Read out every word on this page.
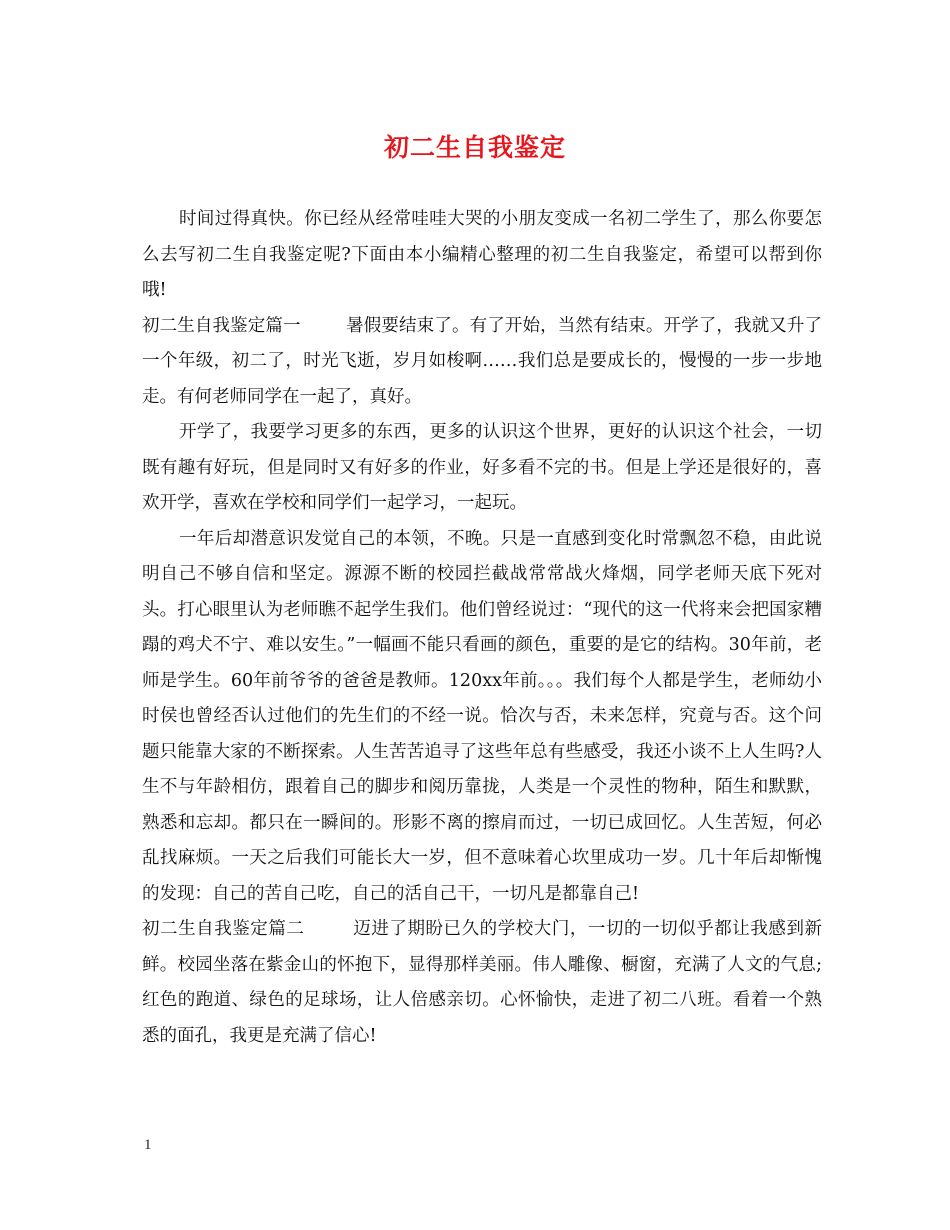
初二生自我鉴定

时间过得真快。你已经从经常哇哇大哭的小朋友变成一名初二学生了，那么你要怎么去写初二生自我鉴定呢?下面由本小编精心整理的初二生自我鉴定，希望可以帮到你哦!

初二生自我鉴定篇一        暑假要结束了。有了开始，当然有结束。开学了，我就又升了一个年级，初二了，时光飞逝，岁月如梭啊……我们总是要成长的，慢慢的一步一步地走。有何老师同学在一起了，真好。

开学了，我要学习更多的东西，更多的认识这个世界，更好的认识这个社会，一切既有趣有好玩，但是同时又有好多的作业，好多看不完的书。但是上学还是很好的，喜欢开学，喜欢在学校和同学们一起学习，一起玩。

一年后却潜意识发觉自己的本领，不晚。只是一直感到变化时常飘忽不稳，由此说明自己不够自信和坚定。源源不断的校园拦截战常常战火烽烟，同学老师天底下死对头。打心眼里认为老师瞧不起学生我们。他们曾经说过：“现代的这一代将来会把国家糟蹋的鸡犬不宁、难以安生。”一幅画不能只看画的颜色，重要的是它的结构。30年前，老师是学生。60年前爷爷的爸爸是教师。120xx年前。。。我们每个人都是学生，老师幼小时侯也曾经否认过他们的先生们的不经一说。恰次与否，未来怎样，究竟与否。这个问题只能靠大家的不断探索。人生苦苦追寻了这些年总有些感受，我还小谈不上人生吗?人生不与年龄相仿，跟着自己的脚步和阅历靠拢，人类是一个灵性的物种，陌生和默默，熟悉和忘却。都只在一瞬间的。形影不离的擦肩而过，一切已成回忆。人生苦短，何必乱找麻烦。一天之后我们可能长大一岁，但不意味着心坎里成功一岁。几十年后却惭愧的发现：自己的苦自己吃，自己的活自己干，一切凡是都靠自己!

初二生自我鉴定篇二        迈进了期盼已久的学校大门，一切的一切似乎都让我感到新鲜。校园坐落在紫金山的怀抱下，显得那样美丽。伟人雕像、橱窗，充满了人文的气息;红色的跑道、绿色的足球场，让人倍感亲切。心怀愉快，走进了初二八班。看着一个熟悉的面孔，我更是充满了信心!

1
